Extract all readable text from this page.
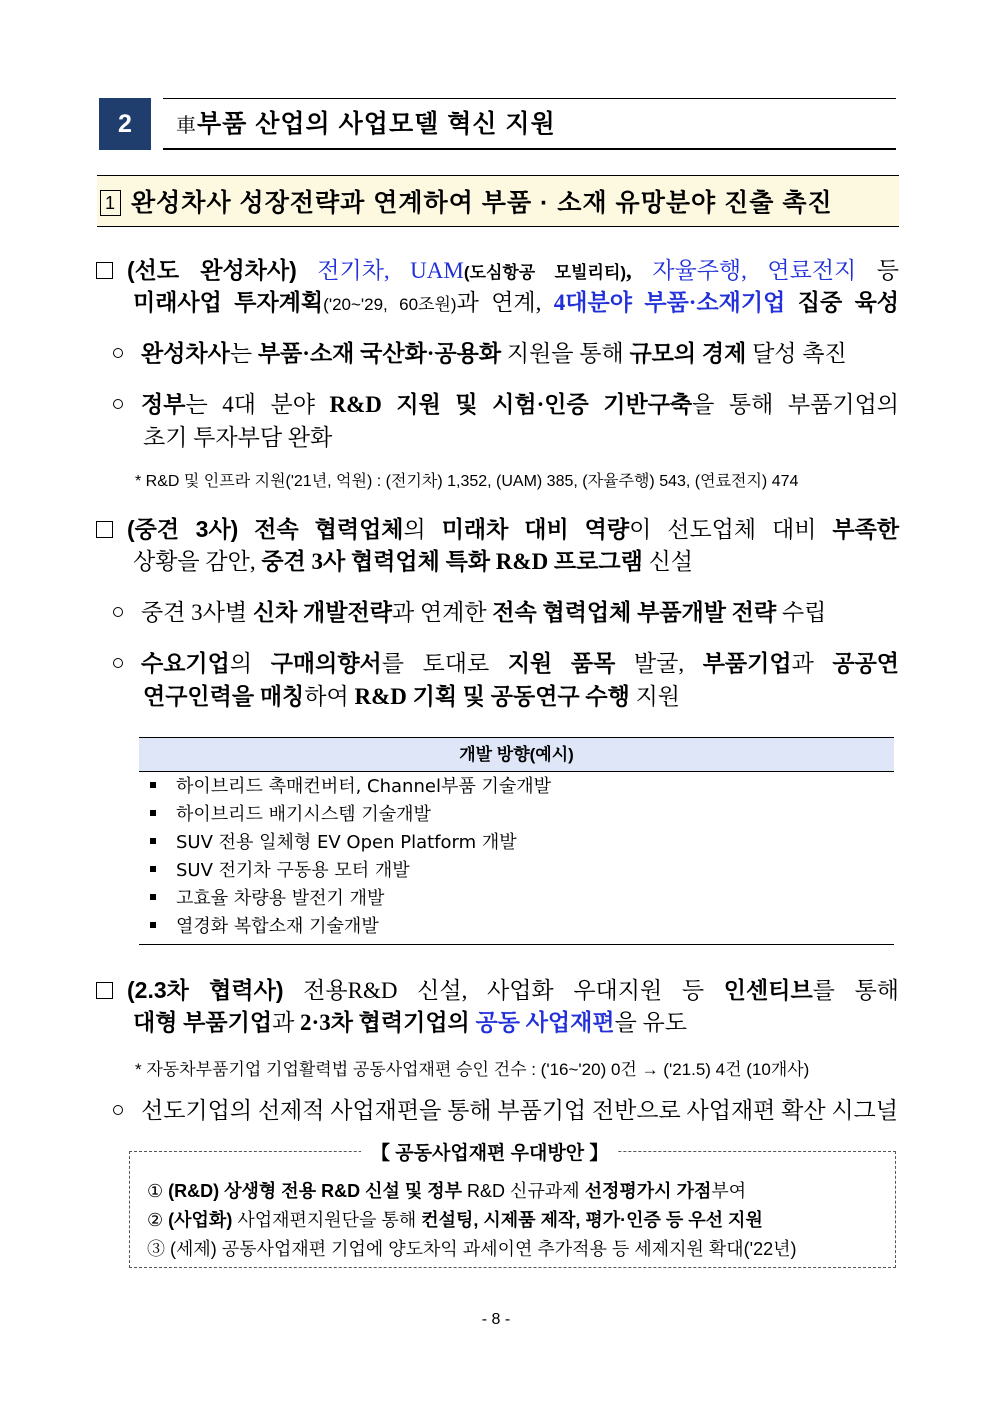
2	車부품 산업의 사업모델 혁신 지원
1 완성차사 성장전략과 연계하여 부품 · 소재 유망분야 진출 촉진
(선도 완성차사) 전기차, UAM(도심항공 모빌리티), 자율주행, 연료전지 등
미래사업 투자계획('20~'29, 60조원)과 연계, 4대분야 부품·소재기업 집중 육성
완성차사는 부품·소재 국산화·공용화 지원을 통해 규모의 경제 달성 촉진
정부는 4대 분야 R&D 지원 및 시험·인증 기반구축을 통해 부품기업의
초기 투자부담 완화
* R&D 및 인프라 지원('21년, 억원) : (전기차) 1,352, (UAM) 385, (자율주행) 543, (연료전지) 474
(중견 3사) 전속 협력업체의 미래차 대비 역량이 선도업체 대비 부족한
상황을 감안, 중견 3사 협력업체 특화 R&D 프로그램 신설
중견 3사별 신차 개발전략과 연계한 전속 협력업체 부품개발 전략 수립
수요기업의 구매의향서를 토대로 지원 품목 발굴, 부품기업과 공공연
연구인력을 매칭하여 R&D 기획 및 공동연구 수행 지원
개발 방향(예시)
하이브리드 촉매컨버터, Channel부품 기술개발
하이브리드 배기시스템 기술개발
SUV 전용 일체형 EV Open Platform 개발
SUV 전기차 구동용 모터 개발
고효율 차량용 발전기 개발
열경화 복합소재 기술개발
(2.3차 협력사) 전용R&D 신설, 사업화 우대지원 등 인센티브를 통해
대형 부품기업과 2·3차 협력기업의 공동 사업재편을 유도
* 자동차부품기업 기업활력법 공동사업재편 승인 건수 : ('16~'20) 0건 → ('21.5) 4건 (10개사)
선도기업의 선제적 사업재편을 통해 부품기업 전반으로 사업재편 확산 시그널
【 공동사업재편 우대방안 】
① (R&D) 상생형 전용 R&D 신설 및 정부 R&D 신규과제 선정평가시 가점부여
② (사업화) 사업재편지원단을 통해 컨설팅, 시제품 제작, 평가·인증 등 우선 지원
③ (세제) 공동사업재편 기업에 양도차익 과세이연 추가적용 등 세제지원 확대('22년)
- 8 -
